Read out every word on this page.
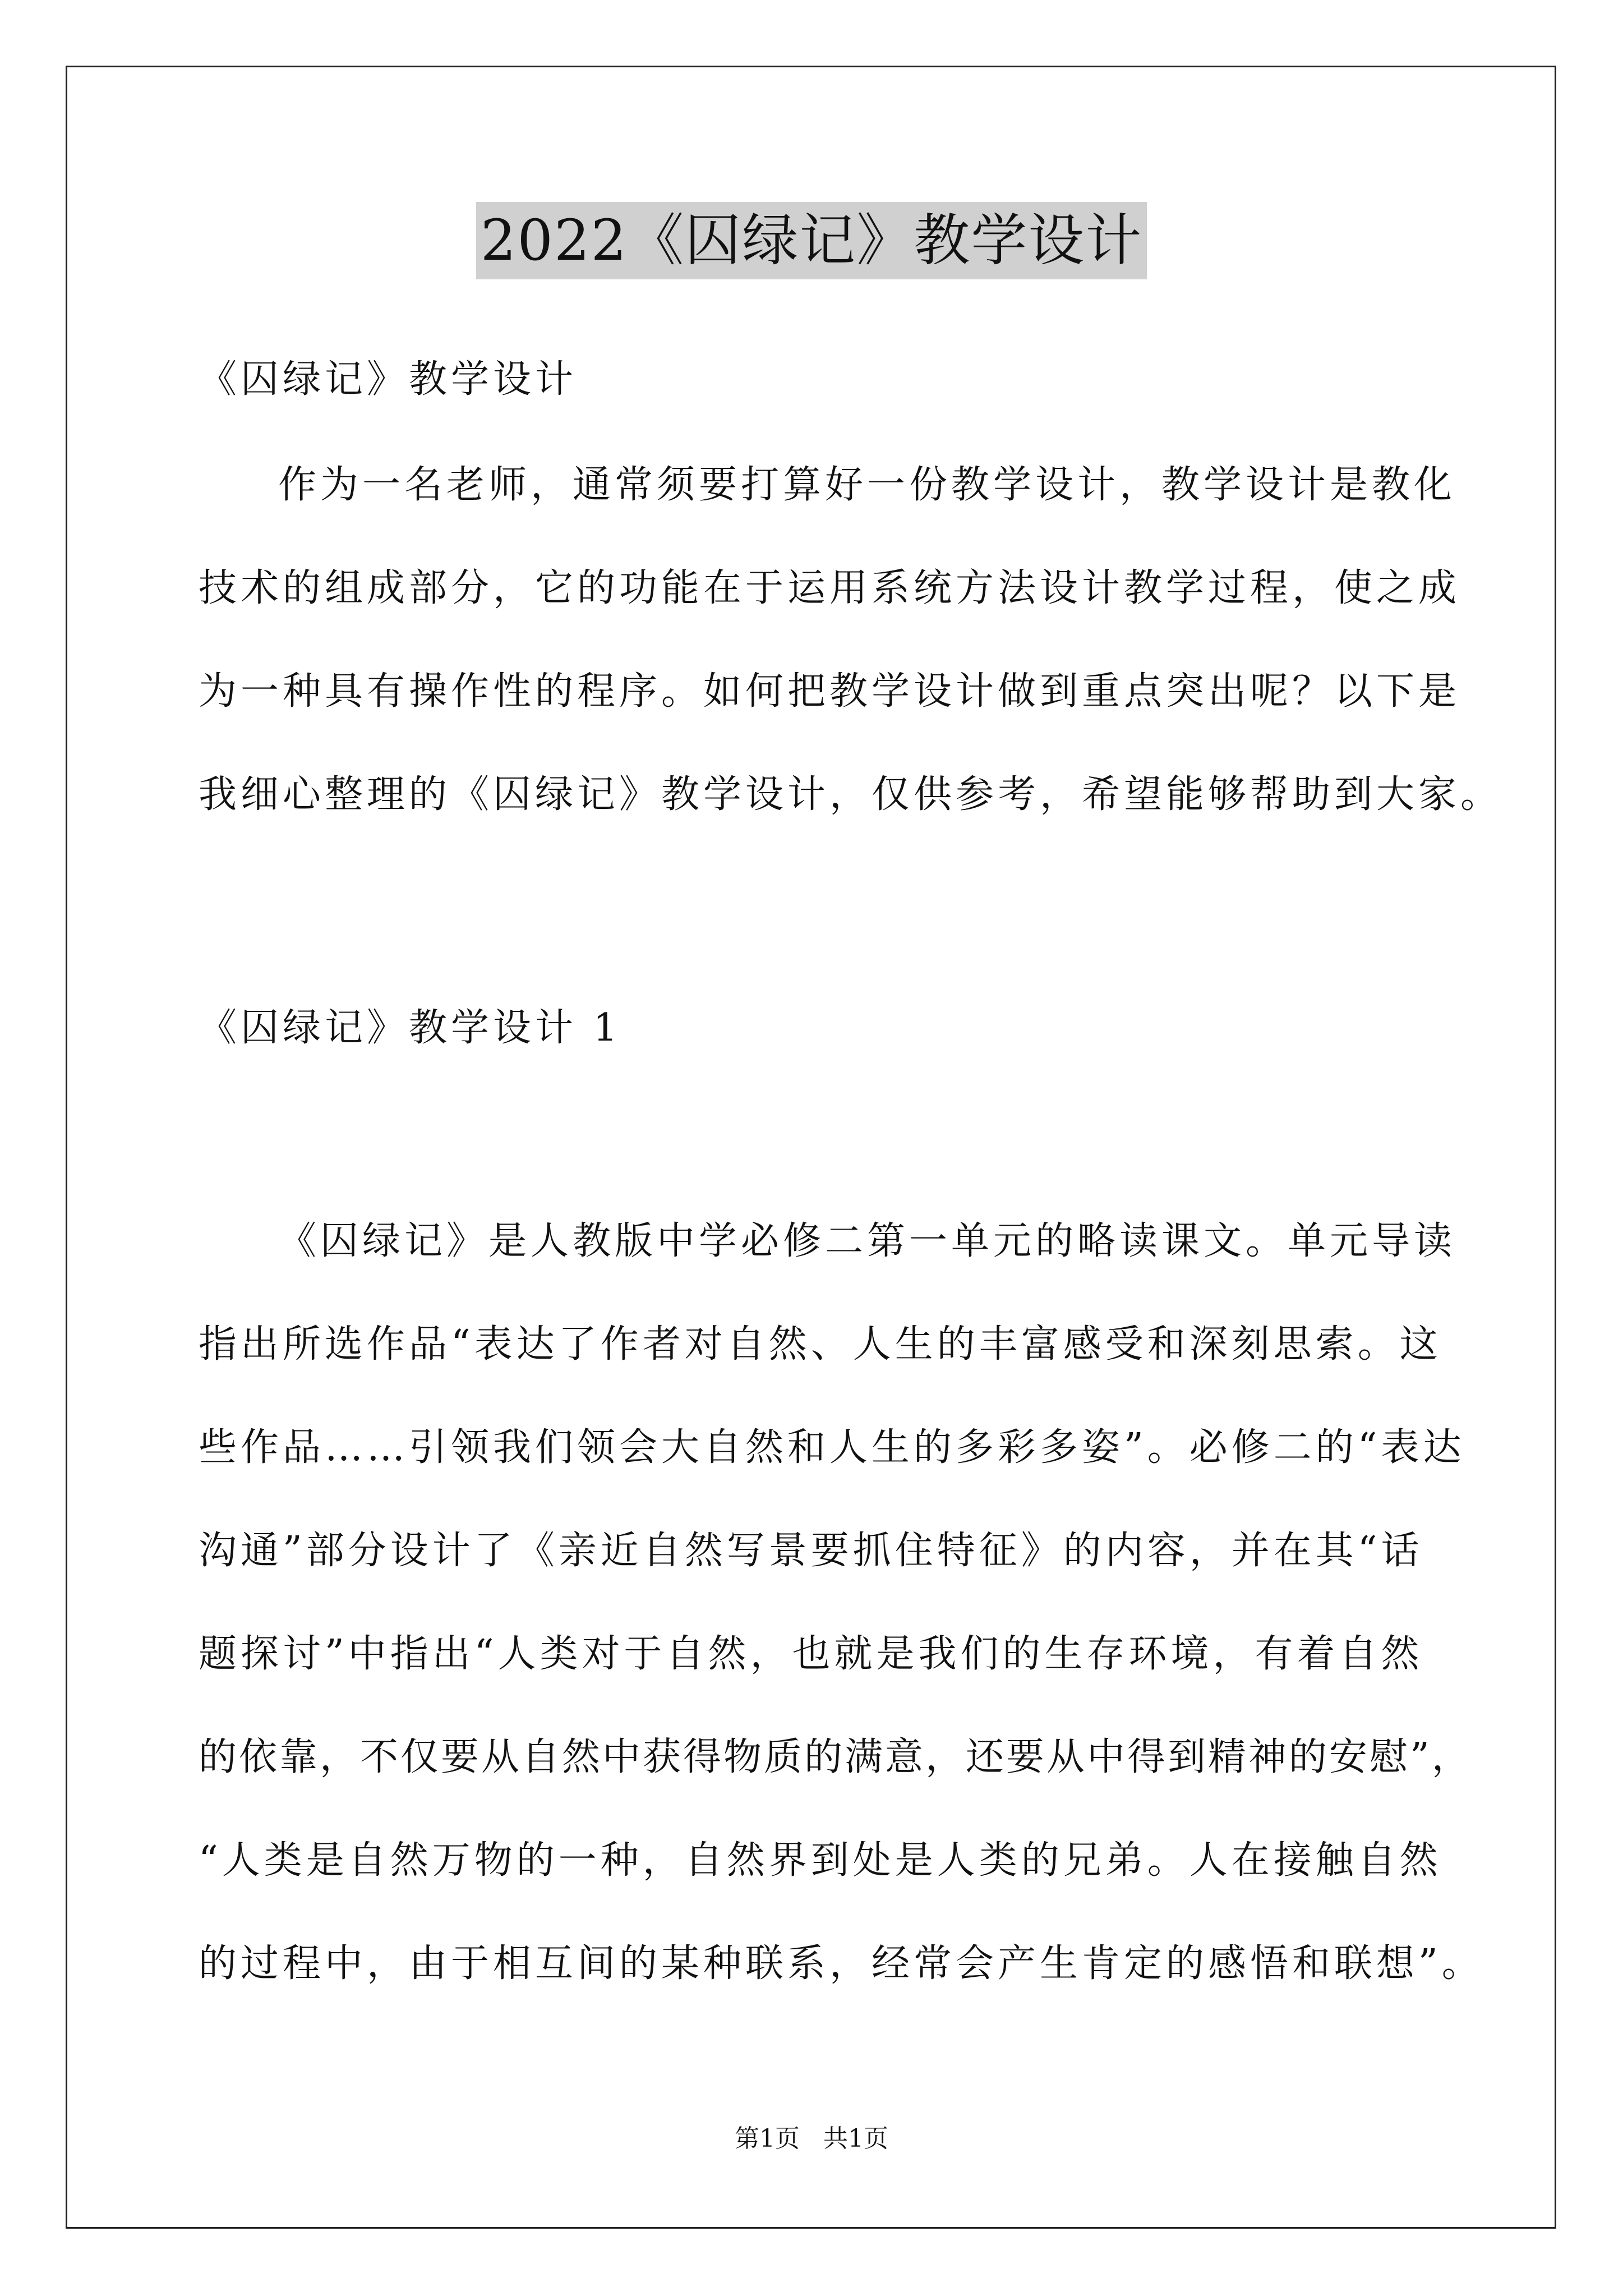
2022《囚绿记》教学设计
《囚绿记》教学设计
作为一名老师，通常须要打算好一份教学设计，教学设计是教化
技术的组成部分，它的功能在于运用系统方法设计教学过程，使之成
为一种具有操作性的程序。如何把教学设计做到重点突出呢？以下是
我细心整理的《囚绿记》教学设计，仅供参考，希望能够帮助到大家。
《囚绿记》教学设计 1
《囚绿记》是人教版中学必修二第一单元的略读课文。单元导读
指出所选作品“表达了作者对自然、人生的丰富感受和深刻思索。这
些作品……引领我们领会大自然和人生的多彩多姿”。必修二的“表达
沟通”部分设计了《亲近自然写景要抓住特征》的内容，并在其“话
题探讨”中指出“人类对于自然，也就是我们的生存环境，有着自然
的依靠，不仅要从自然中获得物质的满意，还要从中得到精神的安慰”，
“人类是自然万物的一种，自然界到处是人类的兄弟。人在接触自然
的过程中，由于相互间的某种联系，经常会产生肯定的感悟和联想”。
第1页   共1页
